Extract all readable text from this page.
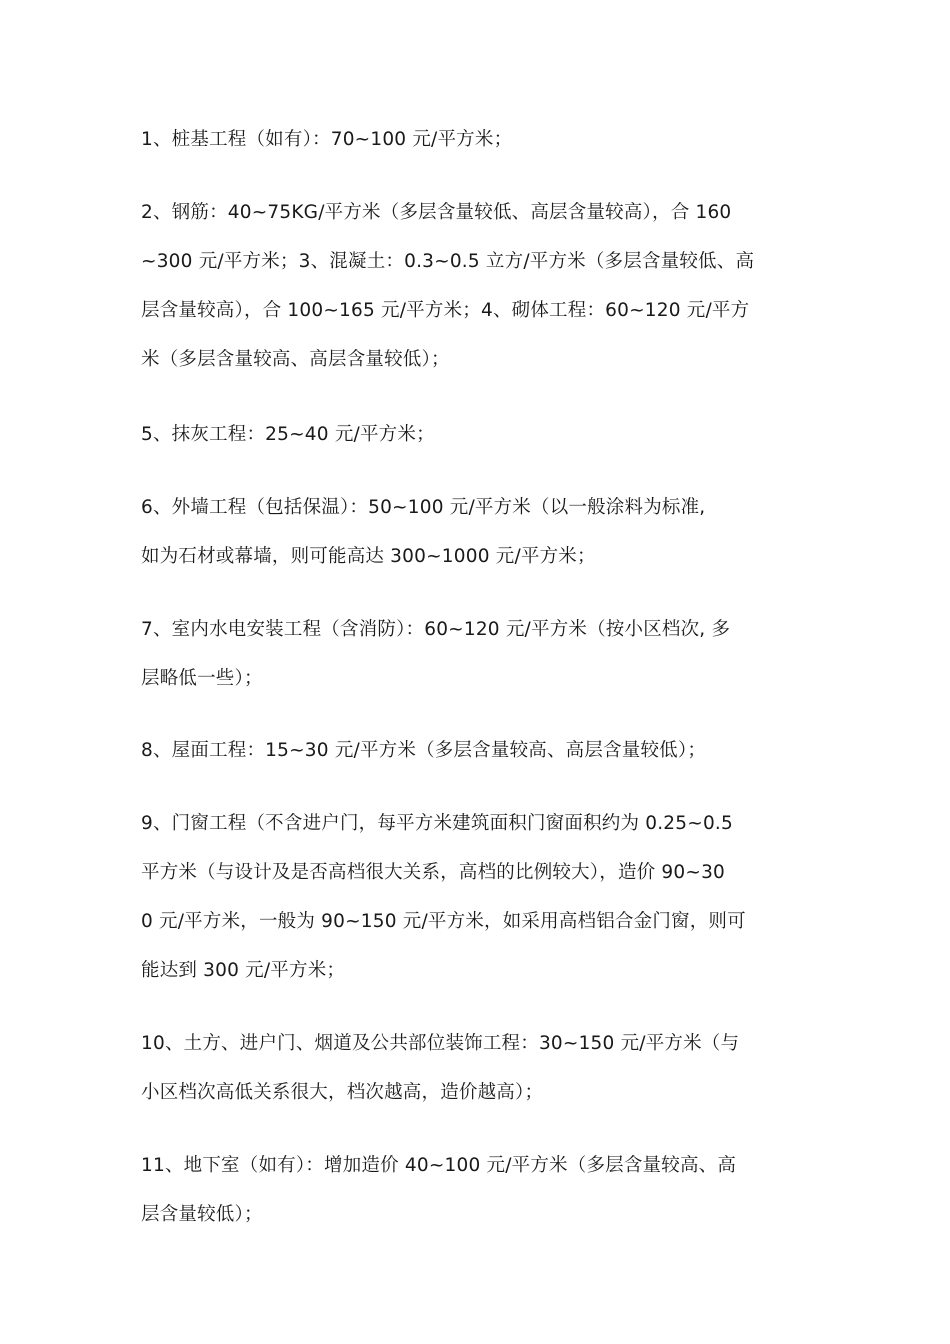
1、桩基工程（如有）：70~100 元/平方米；
2、钢筋：40~75KG/平方米（多层含量较低、高层含量较高），合 160
~300 元/平方米；3、混凝土：0.3~0.5 立方/平方米（多层含量较低、高
层含量较高），合 100~165 元/平方米；4、砌体工程：60~120 元/平方
米（多层含量较高、高层含量较低）；
5、抹灰工程：25~40 元/平方米；
6、外墙工程（包括保温）：50~100 元/平方米（以一般涂料为标准,
如为石材或幕墙，则可能高达 300~1000 元/平方米；
7、室内水电安装工程（含消防）：60~120 元/平方米（按小区档次, 多
层略低一些）；
8、屋面工程：15~30 元/平方米（多层含量较高、高层含量较低）；
9、门窗工程（不含进户门，每平方米建筑面积门窗面积约为 0.25~0.5
平方米（与设计及是否高档很大关系，高档的比例较大），造价 90~30
0 元/平方米，一般为 90~150 元/平方米，如采用高档铝合金门窗，则可
能达到 300 元/平方米；
10、土方、进户门、烟道及公共部位装饰工程：30~150 元/平方米（与
小区档次高低关系很大，档次越高，造价越高）；
11、地下室（如有）：增加造价 40~100 元/平方米（多层含量较高、高
层含量较低）；
